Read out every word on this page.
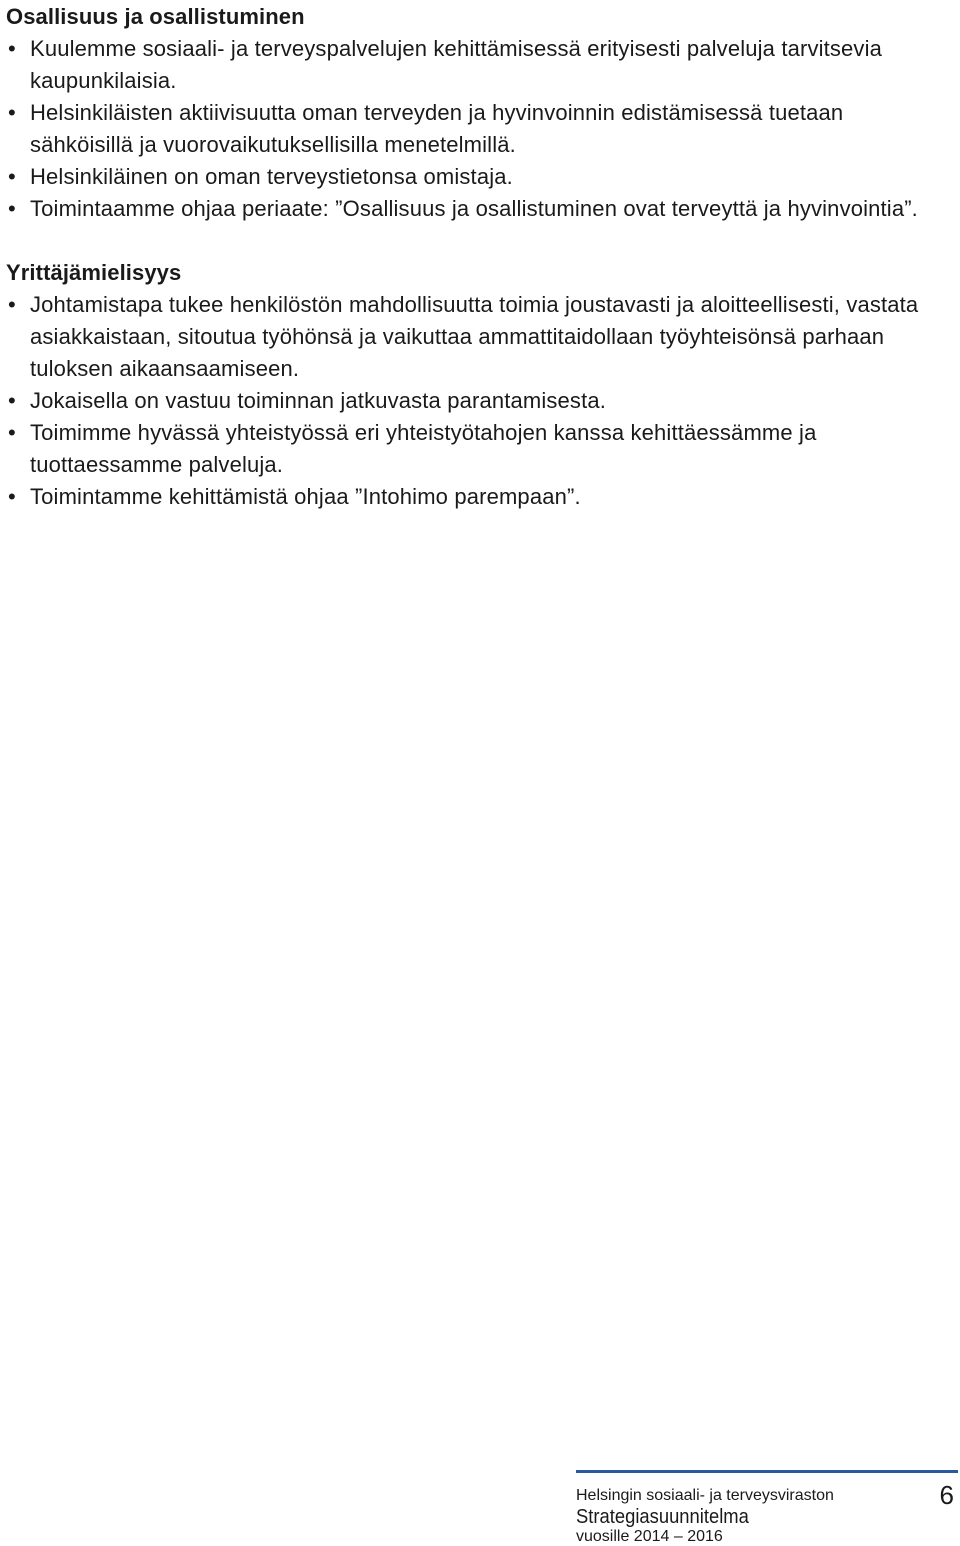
Osallisuus ja osallistuminen
• Kuulemme sosiaali- ja terveyspalvelujen kehittämisessä erityisesti palveluja tarvitsevia kaupunkilaisia.
• Helsinkiläisten aktiivisuutta oman terveyden ja hyvinvoinnin edistämisessä tuetaan sähköisillä ja vuorovaikutuksellisilla menetelmillä.
• Helsinkiläinen on oman terveystietonsa omistaja.
• Toimintaamme ohjaa periaate: ”Osallisuus ja osallistuminen ovat terveyttä ja hyvinvointia”.
Yrittäjämielisyys
• Johtamistapa tukee henkilöstön mahdollisuutta toimia joustavasti ja aloitteellisesti, vastata asiakkaistaan, sitoutua työhönsä ja vaikuttaa ammattitaidollaan työyhteisönsä parhaan tuloksen aikaansaamiseen.
• Jokaisella on vastuu toiminnan jatkuvasta parantamisesta.
• Toimimme hyvässä yhteistyössä eri yhteistyötahojen kanssa kehittäessämme ja tuottaessamme palveluja.
• Toimintamme kehittämistä ohjaa ”Intohimo parempaan”.
Helsingin sosiaali- ja terveysviraston
Strategiasuunnitelma
vuosille 2014 – 2016
6
